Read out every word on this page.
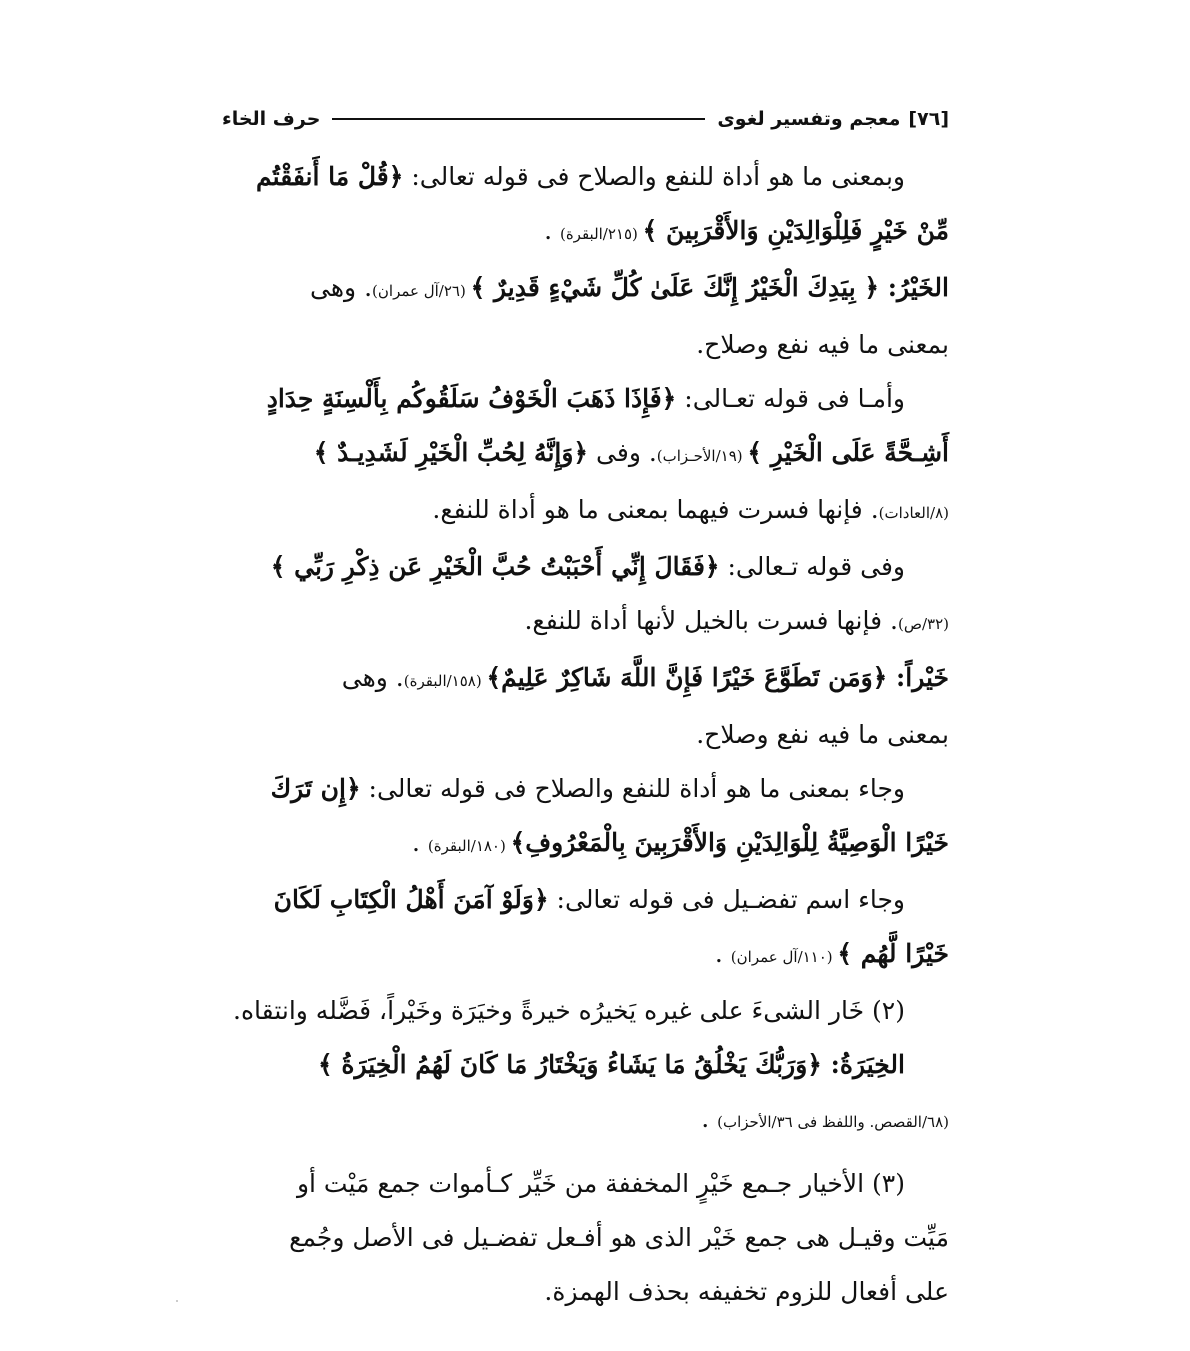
[٧٦]
معجم وتفسير لغوى
حرف الخاء
وبمعنى ما هو أداة للنفع والصلاح فى قوله تعالى: ﴿قُلْ مَا أَنفَقْتُم
مِّنْ خَيْرٍ فَلِلْوَالِدَيْنِ وَالأَقْرَبِينَ ﴾ (٢١٥/البقرة) .
الخَيْرُ: ﴿ بِيَدِكَ الْخَيْرُ إِنَّكَ عَلَىٰ كُلِّ شَيْءٍ قَدِيرٌ ﴾ (٢٦/آل عمران). وهى
بمعنى ما فيه نفع وصلاح.
وأمـا فى قوله تعـالى: ﴿فَإِذَا ذَهَبَ الْخَوْفُ سَلَقُوكُم بِأَلْسِنَةٍ حِدَادٍ
أَشِـحَّةً عَلَى الْخَيْرِ ﴾ (١٩/الأحـزاب). وفى ﴿وَإِنَّهُ لِحُبِّ الْخَيْرِ لَشَدِيـدٌ ﴾
(٨/العادات). فإنها فسرت فيهما بمعنى ما هو أداة للنفع.
وفى قوله تـعالى: ﴿فَقَالَ إِنِّي أَحْبَبْتُ حُبَّ الْخَيْرِ عَن ذِكْرِ رَبِّي ﴾
(٣٢/ص). فإنها فسرت بالخيل لأنها أداة للنفع.
خَيْراً: ﴿وَمَن تَطَوَّعَ خَيْرًا فَإِنَّ اللَّهَ شَاكِرٌ عَلِيمٌ﴾ (١٥٨/البقرة). وهى
بمعنى ما فيه نفع وصلاح.
وجاء بمعنى ما هو أداة للنفع والصلاح فى قوله تعالى: ﴿إِن تَرَكَ
خَيْرًا الْوَصِيَّةُ لِلْوَالِدَيْنِ وَالأَقْرَبِينَ بِالْمَعْرُوفِ﴾ (١٨٠/البقرة) .
وجاء اسم تفضـيل فى قوله تعالى: ﴿وَلَوْ آمَنَ أَهْلُ الْكِتَابِ لَكَانَ
خَيْرًا لَّهُم ﴾ (١١٠/آل عمران) .
(٢) خَار الشىءَ على غيره يَخيرُه خيرةً وخيَرَة وخَيْراً، فَضَّله وانتقاه.
الخِيَرَةُ: ﴿وَرَبُّكَ يَخْلُقُ مَا يَشَاءُ وَيَخْتَارُ مَا كَانَ لَهُمُ الْخِيَرَةُ ﴾
(٦٨/القصص. واللفظ فى ٣٦/الأحزاب) .
(٣) الأخيار جـمع خَيْرٍ المخففة من خَيِّر كـأموات جمع مَيْت أو
مَيِّت وقيـل هى جمع خَيْر الذى هو أفـعل تفضـيل فى الأصل وجُمع
على أفعال للزوم تخفيفه بحذف الهمزة.
